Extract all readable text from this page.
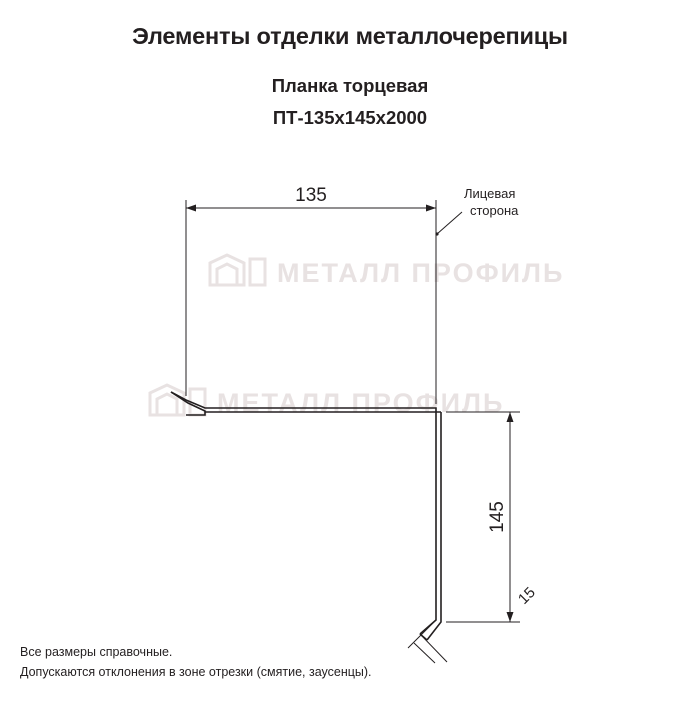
МЕТАЛЛ ПРОФИЛЬ
МЕТАЛЛ ПРОФИЛЬ
Элементы отделки металлочерепицы
Планка торцевая
ПТ-135x145x2000
135
145
15
Лицевая
сторона
Все размеры справочные.
Допускаются отклонения в зоне отрезки (смятие, заусенцы).
